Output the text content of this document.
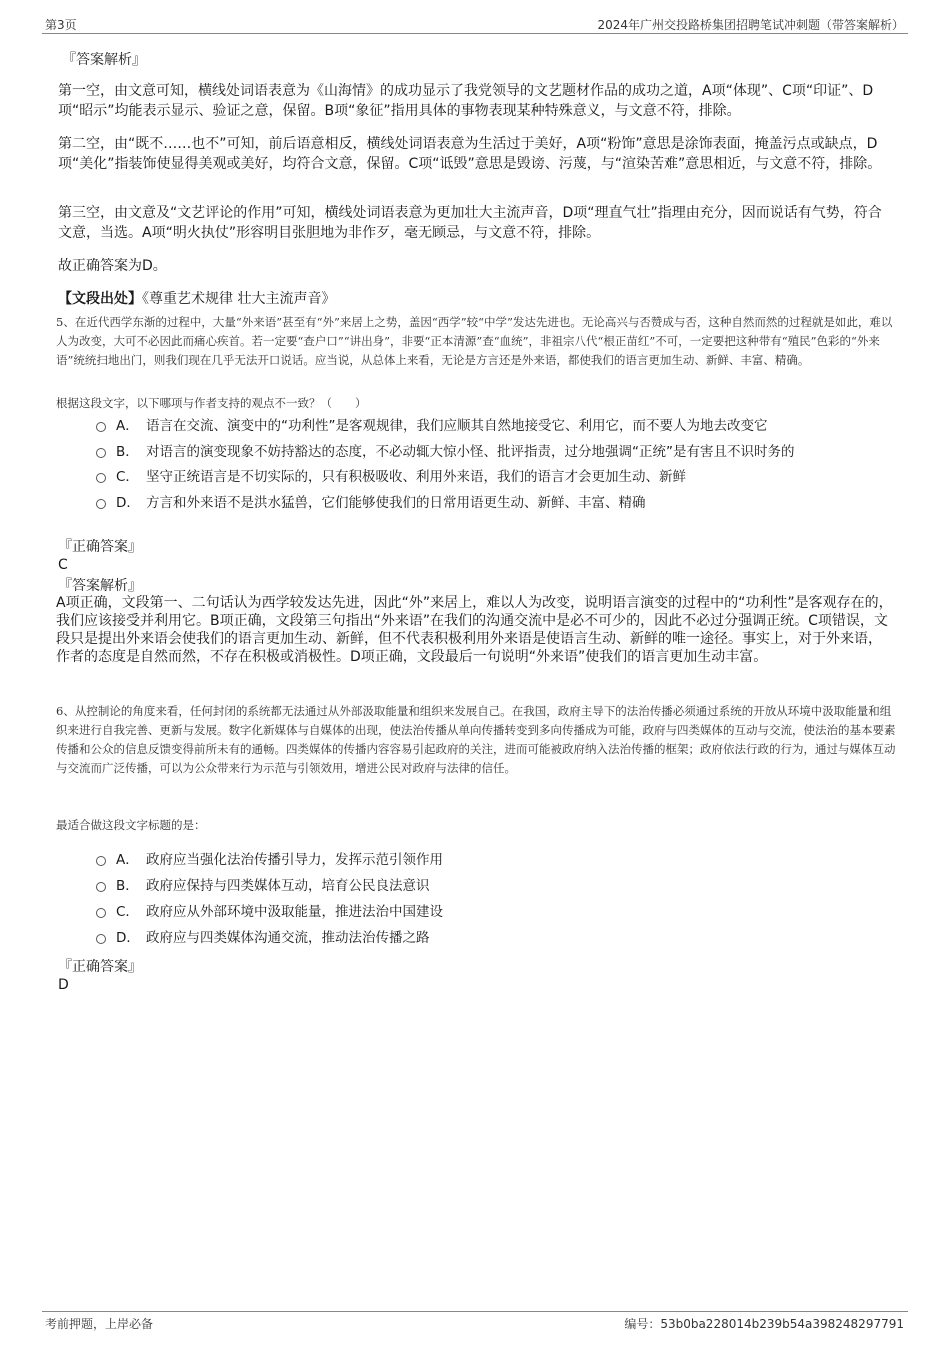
第3页	2024年广州交投路桥集团招聘笔试冲刺题（带答案解析）
『答案解析』
第一空，由文意可知，横线处词语表意为《山海情》的成功显示了我党领导的文艺题材作品的成功之道，A项“体现”、C项“印证”、D项“昭示”均能表示显示、验证之意，保留。B项“象征”指用具体的事物表现某种特殊意义，与文意不符，排除。
第二空，由“既不……也不”可知，前后语意相反，横线处词语表意为生活过于美好，A项“粉饰”意思是涂饰表面，掩盖污点或缺点，D项“美化”指装饰使显得美观或美好，均符合文意，保留。C项“诋毁”意思是毁谤、污蔑，与“渲染苦难”意思相近，与文意不符，排除。
第三空，由文意及“文艺评论的作用”可知，横线处词语表意为更加壮大主流声音，D项“理直气壮”指理由充分，因而说话有气势，符合文意，当选。A项“明火执仗”形容明目张胆地为非作歹，毫无顾忌，与文意不符，排除。
故正确答案为D。
【文段出处】《尊重艺术规律 壮大主流声音》
5、在近代西学东渐的过程中，大量“外来语”甚至有“外”来居上之势，盖因“西学”较“中学”发达先进也。无论高兴与否赞成与否，这种自然而然的过程就是如此，难以人为改变，大可不必因此而痛心疾首。若一定要“查户口”“讲出身”，非要“正本清源”查“血统”，非祖宗八代“根正苗红”不可，一定要把这种带有“殖民”色彩的“外来语”统统扫地出门，则我们现在几乎无法开口说话。应当说，从总体上来看，无论是方言还是外来语，都使我们的语言更加生动、新鲜、丰富、精确。
根据这段文字，以下哪项与作者支持的观点不一致？（　　）
A． 语言在交流、演变中的“功利性”是客观规律，我们应顺其自然地接受它、利用它，而不要人为地去改变它
B． 对语言的演变现象不妨持豁达的态度，不必动辄大惊小怪、批评指责，过分地强调“正统”是有害且不识时务的
C． 坚守正统语言是不切实际的，只有积极吸收、利用外来语，我们的语言才会更加生动、新鲜
D． 方言和外来语不是洪水猛兽，它们能够使我们的日常用语更生动、新鲜、丰富、精确
『正确答案』
C
『答案解析』
A项正确，文段第一、二句话认为西学较发达先进，因此“外”来居上，难以人为改变，说明语言演变的过程中的“功利性”是客观存在的，我们应该接受并利用它。B项正确，文段第三句指出“外来语”在我们的沟通交流中是必不可少的，因此不必过分强调正统。C项错误，文段只是提出外来语会使我们的语言更加生动、新鲜，但不代表积极利用外来语是使语言生动、新鲜的唯一途径。事实上，对于外来语，作者的态度是自然而然，不存在积极或消极性。D项正确，文段最后一句说明“外来语”使我们的语言更加生动丰富。
6、从控制论的角度来看，任何封闭的系统都无法通过从外部汲取能量和组织来发展自己。在我国，政府主导下的法治传播必须通过系统的开放从环境中汲取能量和组织来进行自我完善、更新与发展。数字化新媒体与自媒体的出现，使法治传播从单向传播转变到多向传播成为可能，政府与四类媒体的互动与交流，使法治的基本要素传播和公众的信息反馈变得前所未有的通畅。四类媒体的传播内容容易引起政府的关注，进而可能被政府纳入法治传播的框架；政府依法行政的行为，通过与媒体互动与交流而广泛传播，可以为公众带来行为示范与引领效用，增进公民对政府与法律的信任。
最适合做这段文字标题的是：
A． 政府应当强化法治传播引导力，发挥示范引领作用
B． 政府应保持与四类媒体互动，培育公民良法意识
C． 政府应从外部环境中汲取能量，推进法治中国建设
D． 政府应与四类媒体沟通交流，推动法治传播之路
『正确答案』
D
考前押题，上岸必备	编号：53b0ba228014b239b54a398248297791
